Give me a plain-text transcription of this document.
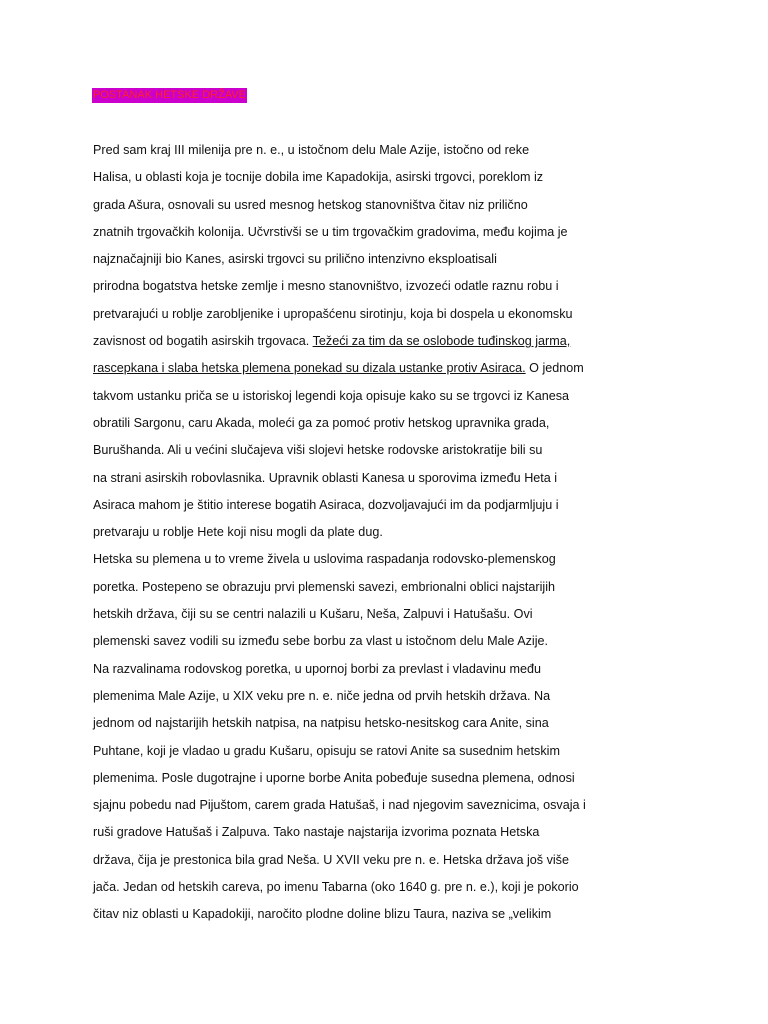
POSTANAK HETSKE DRŽAVE
Pred sam kraj III milenija pre n. e., u istočnom delu Male Azije, istočno od reke
Halisa, u oblasti koja je tocnije dobila ime Kapadokija, asirski trgovci, poreklom iz
grada Ašura, osnovali su usred mesnog hetskog stanovništva čitav niz prilično
znatnih trgovačkih kolonija. Učvrstivši se u tim trgovačkim gradovima, među kojima je
najznačajniji bio Kanes, asirski trgovci su prilično intenzivno eksploatisali
prirodna bogatstva hetske zemlje i mesno stanovništvo, izvozeći odatle raznu robu i
pretvarajući u roblje zarobljenike i upropašćenu sirotinju, koja bi dospela u ekonomsku
zavisnost od bogatih asirskih trgovaca. Težeći za tim da se oslobode tuđinskog jarma,
rascepkana i slaba hetska plemena ponekad su dizala ustanke protiv Asiraca. O jednom
takvom ustanku priča se u istoriskoj legendi koja opisuje kako su se trgovci iz Kanesa
obratili Sargonu, caru Akada, moleći ga za pomoć protiv hetskog upravnika grada,
Burušhanda. Ali u većini slučajeva viši slojevi hetske rodovske aristokratije bili su
na strani asirskih robovlasnika. Upravnik oblasti Kanesa u sporovima između Heta i
Asiraca mahom je štitio interese bogatih Asiraca, dozvoljavajući im da podjarmljuju i
pretvaraju u roblje Hete koji nisu mogli da plate dug.
Hetska su plemena u to vreme živela u uslovima raspadanja rodovsko-plemenskog
poretka. Postepeno se obrazuju prvi plemenski savezi, embrionalni oblici najstarijih
hetskih država, čiji su se centri nalazili u Kušaru, Neša, Zalpuvi i Hatušašu. Ovi
plemenski savez vodili su između sebe borbu za vlast u istočnom delu Male Azije.
Na razvalinama rodovskog poretka, u upornoj borbi za prevlast i vladavinu među
plemenima Male Azije, u XIX veku pre n. e. niče jedna od prvih hetskih država. Na
jednom od najstarijih hetskih natpisa, na natpisu hetsko-nesitskog cara Anite, sina
Puhtane, koji je vladao u gradu Kušaru, opisuju se ratovi Anite sa susednim hetskim
plemenima. Posle dugotrajne i uporne borbe Anita pobeđuje susedna plemena, odnosi
sjajnu pobedu nad Pijuštom, carem grada Hatušaš, i nad njegovim saveznicima, osvaja i
ruši gradove Hatušaš i Zalpuva. Tako nastaje najstarija izvorima poznata Hetska
država, čija je prestonica bila grad Neša. U XVII veku pre n. e. Hetska država još više
jača. Jedan od hetskih careva, po imenu Tabarna (oko 1640 g. pre n. e.), koji je pokorio
čitav niz oblasti u Kapadokiji, naročito plodne doline blizu Taura, naziva se „velikim
